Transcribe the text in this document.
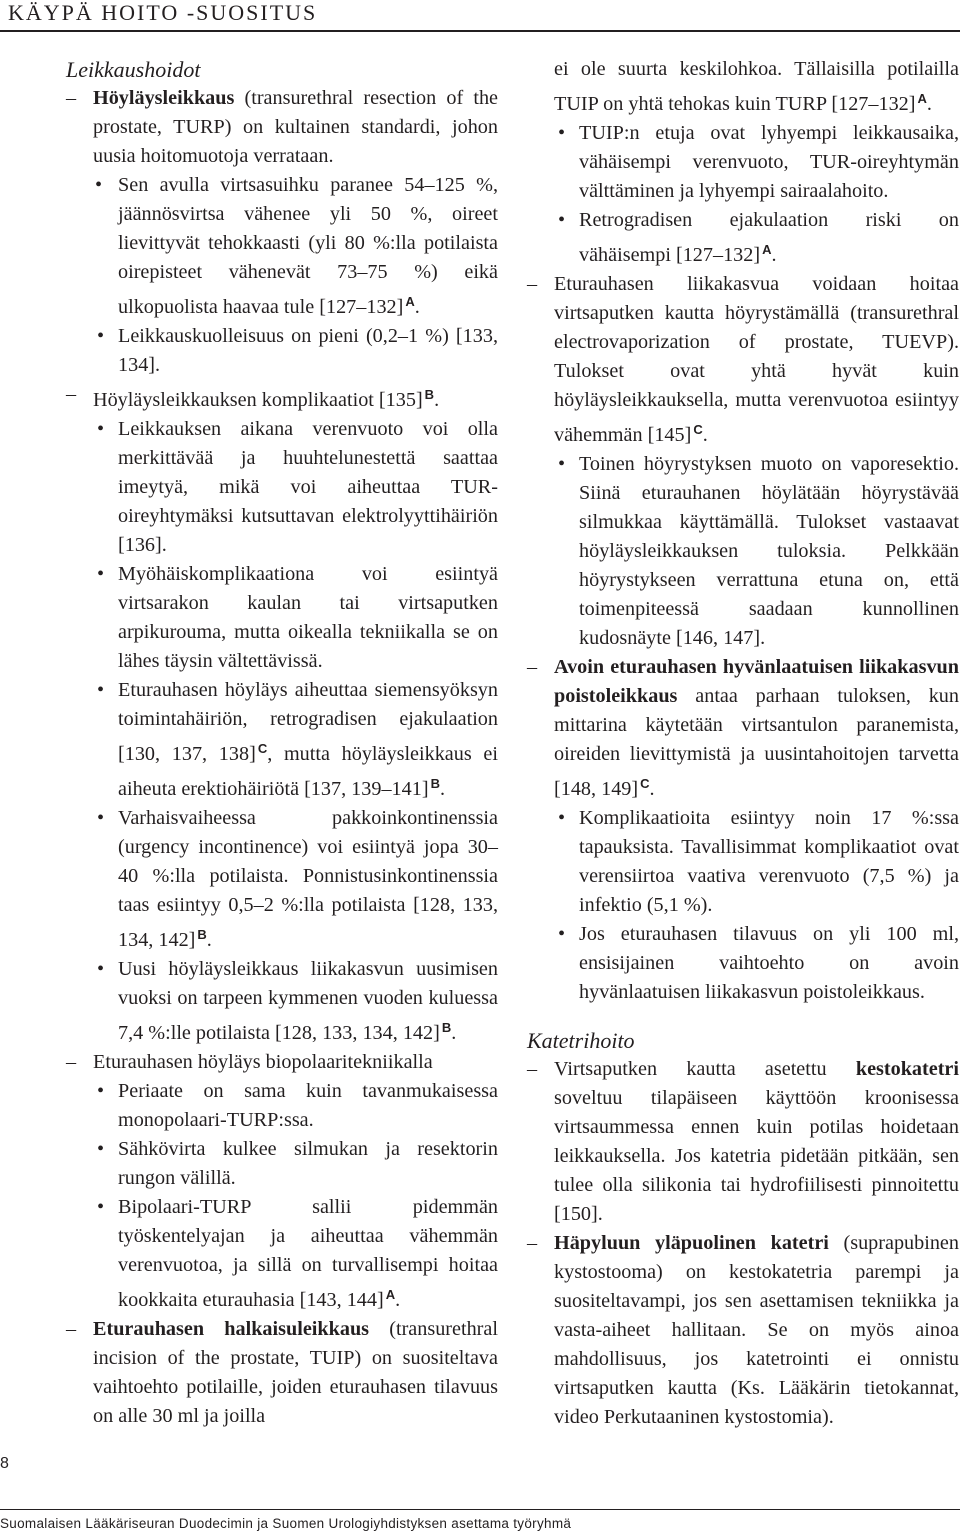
KÄYPÄ HOITO -SUOSITUS

Leikkaushoidot

– Höyläysleikkaus (transurethral resection of the prostate, TURP) on kultainen standardi, johon uusia hoitomuotoja verrataan.
• Sen avulla virtsasuihku paranee 54–125 %, jäännösvirtsa vähenee yli 50 %, oireet lievittyvät tehokkaasti (yli 80 %:lla potilaista oirepisteet vähenevät 73–75 %) eikä ulkopuolista haavaa tule [127–132] $^A$.
• Leikkauskuolleisuus on pieni (0,2–1 %) [133, 134].
– Höyläysleikkauksen komplikaatiot [135] $^B$.
• Leikkauksen aikana verenvuoto voi olla merkittävää ja huuhtelunestettä saattaa imeytyä, mikä voi aiheuttaa TUR-oireyhtymäksi kutsuttavan elektrolyyttihäiriön [136].
• Myöhäiskomplikaationa voi esiintyä virtsarakon kaulan tai virtsaputken arpikurouma, mutta oikealla tekniikalla se on lähes täysin vältettävissä.
• Eturauhasen höyläys aiheuttaa siemensyöksyn toimintahäiriön, retrogradisen ejakulaation [130, 137, 138] $^C$, mutta höyläysleikkaus ei aiheuta erektiohäiriötä [137, 139–141] $^B$.
• Varhaisvaiheessa pakkoinkontinenssia (urgency incontinence) voi esiintyä jopa 30–40 %:lla potilaista. Ponnistusinkontinenssia taas esiintyy 0,5–2 %:lla potilaista [128, 133, 134, 142] $^B$.
• Uusi höyläysleikkaus liikakasvun uusimisen vuoksi on tarpeen kymmenen vuoden kuluessa 7,4 %:lle potilaista [128, 133, 134, 142] $^B$.
– Eturauhasen höyläys biopolaaritekniikalla
• Periaate on sama kuin tavanmukaisessa monopolaari-TURP:ssa.
• Sähkövirta kulkee silmukan ja resektorin rungon välillä.
• Bipolaari-TURP sallii pidemmän työskentelyajan ja aiheuttaa vähemmän verenvuotoa, ja sillä on turvallisempi hoitaa kookkaita eturauhasia [143, 144] $^A$.
– Eturauhasen halkaisuleikkaus (transurethral incision of the prostate, TUIP) on suositeltava vaihtoehto potilaille, joiden eturauhasen tilavuus on alle 30 ml ja joilla
ei ole suurta keskilohkoa. Tällaisilla potilailla TUIP on yhtä tehokas kuin TURP [127–132] $^A$.
• TUIP:n etuja ovat lyhyempi leikkausaika, vähäisempi verenvuoto, TUR-oireyhtymän välttäminen ja lyhyempi sairaalahoito.
• Retrogradisen ejakulaation riski on vähäisempi [127–132] $^A$.
– Eturauhasen liikakasvua voidaan hoitaa virtsaputken kautta höyrystämällä (transurethral electrovaporization of prostate, TUEVP). Tulokset ovat yhtä hyvät kuin höyläysleikkauksella, mutta verenvuotoa esiintyy vähemmän [145] $^C$.
• Toinen höyrystyksen muoto on vaporesektio. Siinä eturauhanen höylätään höyrystävää silmukkaa käyttämällä. Tulokset vastaavat höyläysleikkauksen tuloksia. Pelkkään höyrystykseen verrattuna etuna on, että toimenpiteessä saadaan kunnollinen kudosnäyte [146, 147].
– Avoin eturauhasen hyvänlaatuisen liikakasvun poistoleikkaus antaa parhaan tuloksen, kun mittarina käytetään virtsantulon paranemista, oireiden lievittymistä ja uusintahoitojen tarvetta [148, 149] $^C$.
• Komplikaatioita esiintyy noin 17 %:ssa tapauksista. Tavallisimmat komplikaatiot ovat verensiirtoa vaativa verenvuoto (7,5 %) ja infektio (5,1 %).
• Jos eturauhasen tilavuus on yli 100 ml, ensisijainen vaihtoehto on avoin hyvänlaatuisen liikakasvun poistoleikkaus.

Katetrihoito

– Virtsaputken kautta asetettu kestokatetri soveltuu tilapäiseen käyttöön kroonisessa virtsaummessa ennen kuin potilas hoidetaan leikkauksella. Jos katetria pidetään pitkään, sen tulee olla silikonia tai hydrofiilisesti pinnoitettu [150].
– Häpyluun yläpuolinen katetri (suprapubinen kystostooma) on kestokatetria parempi ja suositeltavampi, jos sen asettamisen tekniikka ja vasta-aiheet hallitaan. Se on myös ainoa mahdollisuus, jos katetrointi ei onnistu virtsaputken kautta (Ks. Lääkärin tietokannat, video Perkutaaninen kystostomia).
8
Suomalaisen Lääkäriseuran Duodecimin ja Suomen Urologiyhdistyksen asettama työryhmä
